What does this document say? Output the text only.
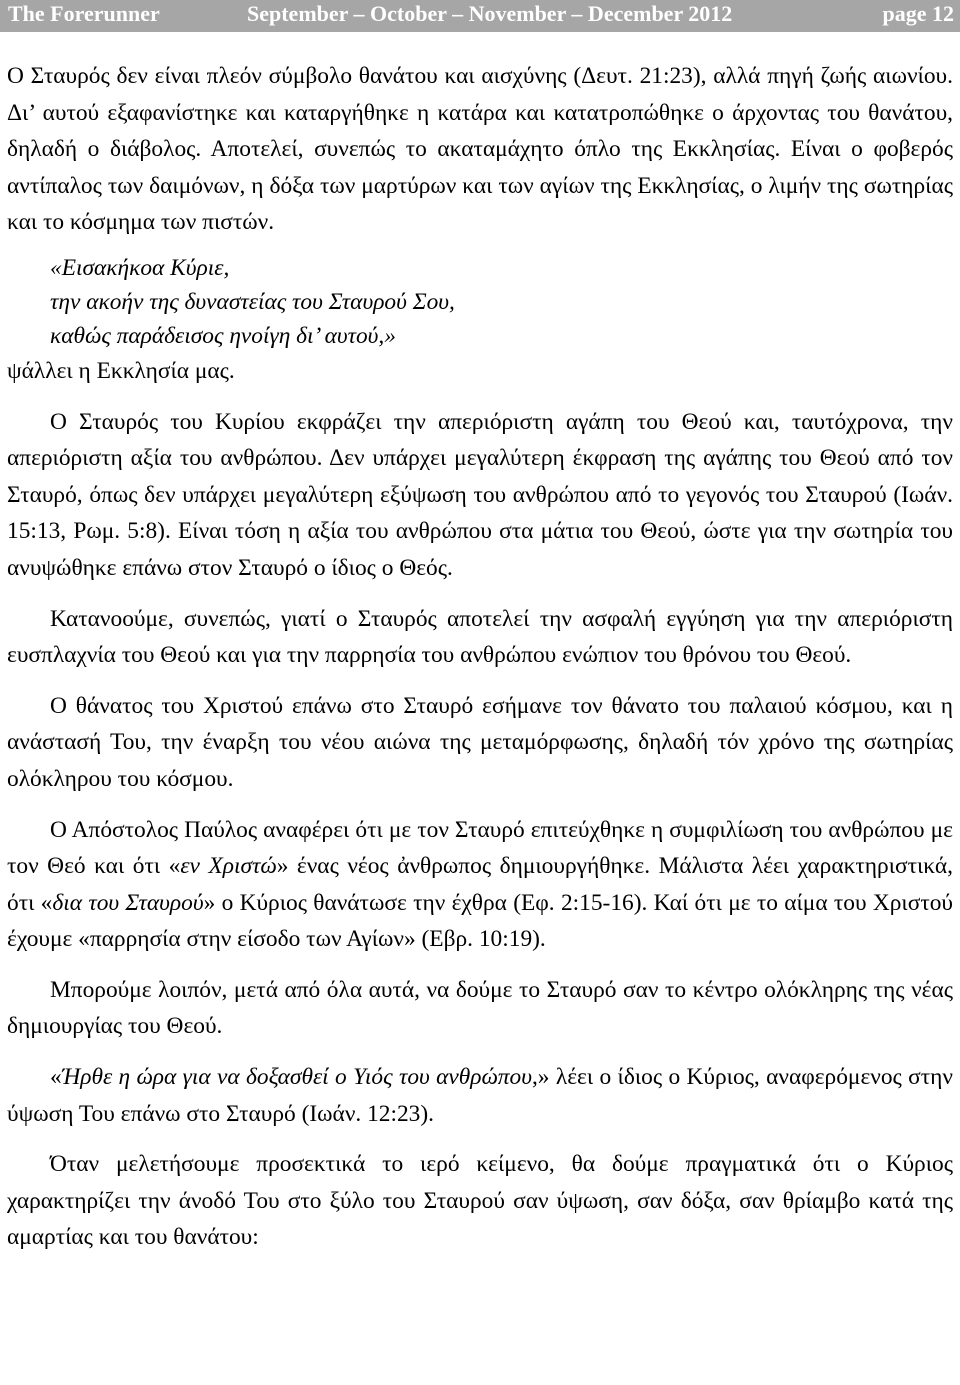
The Forerunner	September – October – November – December 2012	page 12

Ο Σταυρός δεν είναι πλεόν σύμβολο θανάτου και αισχύνης (Δευτ. 21:23), αλλά πηγή ζωής αιωνίου. Δι’ αυτού εξαφανίστηκε και καταργήθηκε η κατάρα και κατατροπώθηκε ο άρχοντας του θανάτου, δηλαδή ο διάβολος. Αποτελεί, συνεπώς το ακαταμάχητο όπλο της Εκκλησίας. Είναι ο φοβερός αντίπαλος των δαιμόνων, η δόξα των μαρτύρων και των αγίων της Εκκλησίας, ο λιμήν της σωτηρίας και το κόσμημα των πιστών.

«Εισακήκοα Κύριε,
την ακοήν της δυναστείας του Σταυρού Σου,
καθώς παράδεισος ηνοίγη δι’ αυτού,»

ψάλλει η Εκκλησία μας.

Ο Σταυρός του Κυρίου εκφράζει την απεριόριστη αγάπη του Θεού και, ταυτόχρονα, την απεριόριστη αξία του ανθρώπου. Δεν υπάρχει μεγαλύτερη έκφραση της αγάπης του Θεού από τον Σταυρό, όπως δεν υπάρχει μεγαλύτερη εξύψωση του ανθρώπου από το γεγονός του Σταυρού (Ιωάν. 15:13, Ρωμ. 5:8). Είναι τόση η αξία του ανθρώπου στα μάτια του Θεού, ώστε για την σωτηρία του ανυψώθηκε επάνω στον Σταυρό ο ίδιος ο Θεός.

Κατανοούμε, συνεπώς, γιατί ο Σταυρός αποτελεί την ασφαλή εγγύηση για την απεριόριστη ευσπλαχνία του Θεού και για την παρρησία του ανθρώπου ενώπιον του θρόνου του Θεού.

Ο θάνατος του Χριστού επάνω στο Σταυρό εσήμανε τον θάνατο του παλαιού κόσμου, και η ανάστασή Του, την έναρξη του νέου αιώνα της μεταμόρφωσης, δηλαδή τόν χρόνο της σωτηρίας ολόκληρου του κόσμου.

Ο Απόστολος Παύλος αναφέρει ότι με τον Σταυρό επιτεύχθηκε η συμφιλίωση του ανθρώπου με τον Θεό και ότι «εν Χριστώ» ένας νέος ἀνθρωπος δημιουργήθηκε. Μάλιστα λέει χαρακτηριστικά, ότι «δια του Σταυρού» ο Κύριος θανάτωσε την έχθρα (Εφ. 2:15-16). Καί ότι με το αίμα του Χριστού έχουμε «παρρησία στην είσοδο των Αγίων» (Εβρ. 10:19).

Μπορούμε λοιπόν, μετά από όλα αυτά, να δούμε το Σταυρό σαν το κέντρο ολόκληρης της νέας δημιουργίας του Θεού.

«Ήρθε η ώρα για να δοξασθεί ο Υιός του ανθρώπου,» λέει ο ίδιος ο Κύριος, αναφερόμενος στην ύψωση Του επάνω στο Σταυρό (Ιωάν. 12:23).

Όταν μελετήσουμε προσεκτικά το ιερό κείμενο, θα δούμε πραγματικά ότι ο Κύριος χαρακτηρίζει την άνοδό Του στο ξύλο του Σταυρού σαν ύψωση, σαν δόξα, σαν θρίαμβο κατά της αμαρτίας και του θανάτου:
